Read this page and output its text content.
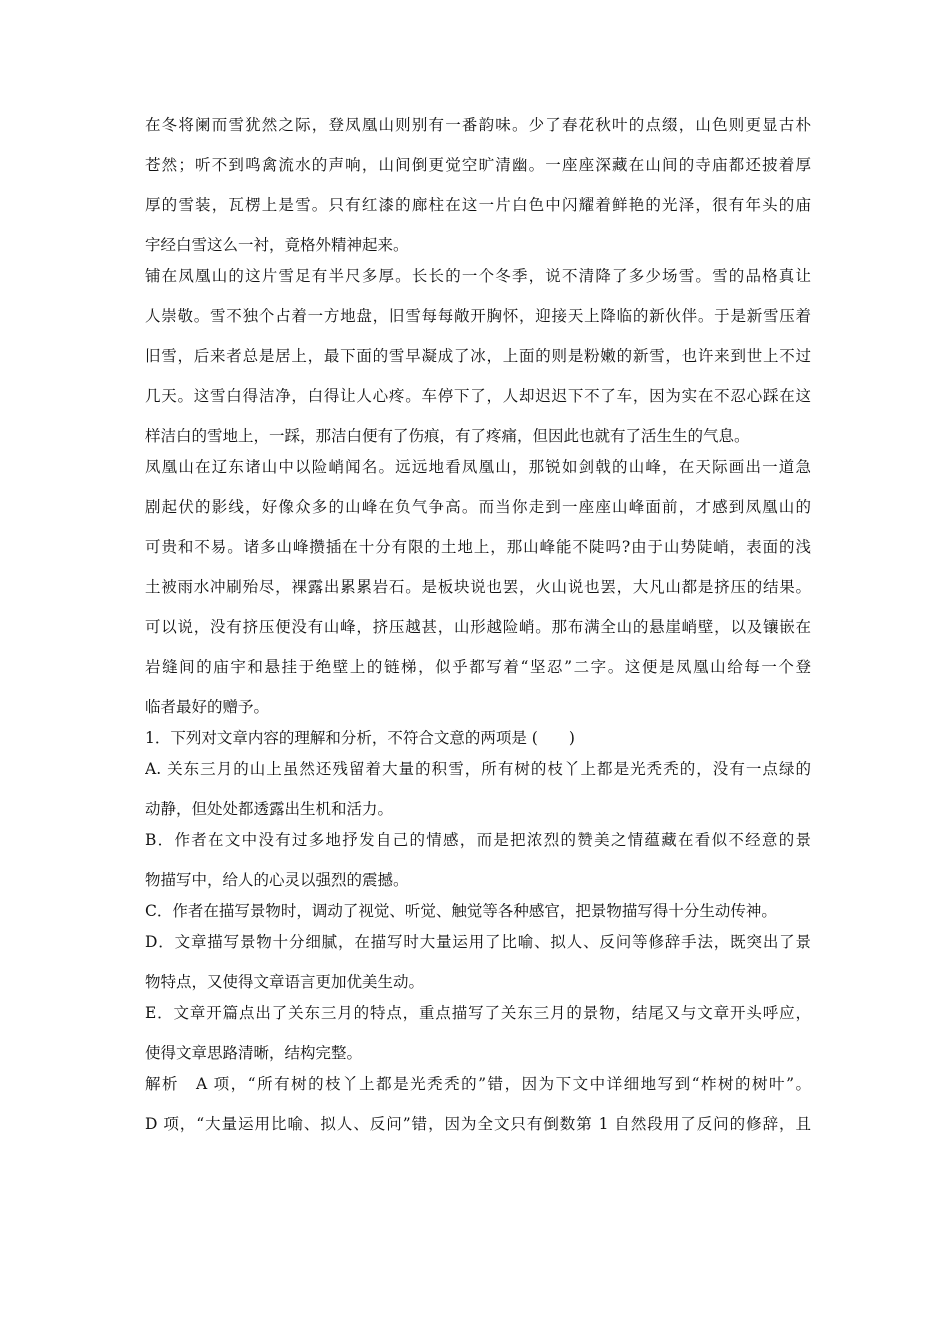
在冬将阑而雪犹然之际，登凤凰山则别有一番韵味。少了春花秋叶的点缀，山色则更显古朴
苍然；听不到鸣禽流水的声响，山间倒更觉空旷清幽。一座座深藏在山间的寺庙都还披着厚
厚的雪装，瓦楞上是雪。只有红漆的廊柱在这一片白色中闪耀着鲜艳的光泽，很有年头的庙
宇经白雪这么一衬，竟格外精神起来。
铺在凤凰山的这片雪足有半尺多厚。长长的一个冬季，说不清降了多少场雪。雪的品格真让
人崇敬。雪不独个占着一方地盘，旧雪每每敞开胸怀，迎接天上降临的新伙伴。于是新雪压着
旧雪，后来者总是居上，最下面的雪早凝成了冰，上面的则是粉嫩的新雪，也许来到世上不过
几天。这雪白得洁净，白得让人心疼。车停下了，人却迟迟下不了车，因为实在不忍心踩在这
样洁白的雪地上，一踩，那洁白便有了伤痕，有了疼痛，但因此也就有了活生生的气息。
凤凰山在辽东诸山中以险峭闻名。远远地看凤凰山，那锐如剑戟的山峰，在天际画出一道急
剧起伏的影线，好像众多的山峰在负气争高。而当你走到一座座山峰面前，才感到凤凰山的
可贵和不易。诸多山峰攒插在十分有限的土地上，那山峰能不陡吗?由于山势陡峭，表面的浅
土被雨水冲刷殆尽，裸露出累累岩石。是板块说也罢，火山说也罢，大凡山都是挤压的结果。
可以说，没有挤压便没有山峰，挤压越甚，山形越险峭。那布满全山的悬崖峭壁，以及镶嵌在
岩缝间的庙宇和悬挂于绝壁上的链梯，似乎都写着“坚忍”二字。这便是凤凰山给每一个登
临者最好的赠予。
1．下列对文章内容的理解和分析，不符合文意的两项是 (　　)
A. 关东三月的山上虽然还残留着大量的积雪，所有树的枝丫上都是光秃秃的，没有一点绿的
动静，但处处都透露出生机和活力。
B．作者在文中没有过多地抒发自己的情感，而是把浓烈的赞美之情蕴藏在看似不经意的景
物描写中，给人的心灵以强烈的震撼。
C．作者在描写景物时，调动了视觉、听觉、触觉等各种感官，把景物描写得十分生动传神。
D．文章描写景物十分细腻，在描写时大量运用了比喻、拟人、反问等修辞手法，既突出了景
物特点，又使得文章语言更加优美生动。
E．文章开篇点出了关东三月的特点，重点描写了关东三月的景物，结尾又与文章开头呼应，
使得文章思路清晰，结构完整。
解析　A 项，“所有树的枝丫上都是光秃秃的”错，因为下文中详细地写到“柞树的树叶”。
D 项，“大量运用比喻、拟人、反问”错，因为全文只有倒数第 1 自然段用了反问的修辞，且
